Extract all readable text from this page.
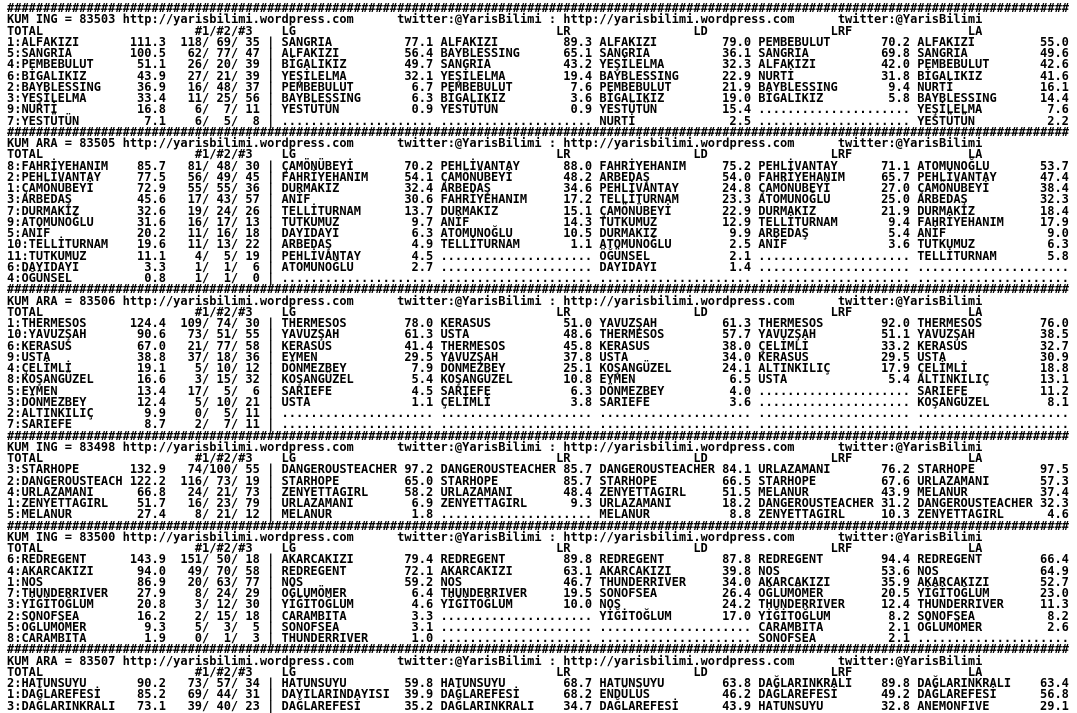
###################################################################################################################################################
KUM ING = 83503 http://yarisbilimi.wordpress.com	twitter:@YarisBilimi : http://yarisbilimi.wordpress.com	twitter:@YarisBilimi
TOTAL	#1/#2/#3 LG	LR	LD	LRF	LA
1:ALFAKIZI	111.3 118/ 69/ 35 | SANGRIA	77.1 ALFAKIZI	89.3 ALFAKIZI	79.0 PEMBEBULUT	70.2 ALFAKIZI	55.0
5:SANGRIA	100.5 62/ 77/ 47 | ALFAKIZI	56.4 BAYBLESSING	65.1 SANGRIA	36.1 SANGRIA	69.8 SANGRIA	49.6
4:PEMBEBULUT	51.1 26/ 20/ 39 | BİGALIKIZ	49.7 SANGRIA	43.2 YEŞİLELMA	32.3 ALFAKIZI	42.0 PEMBEBULUT	42.6
6:BİGALIKIZ	43.9 27/ 21/ 39 | YEŞİLELMA	32.1 YEŞİLELMA	19.4 BAYBLESSING	22.9 NURTİ	31.8 BİGALIKIZ	41.6
2:BAYBLESSING	36.9 16/ 48/ 37 | PEMBEBULUT	6.7 PEMBEBULUT	7.6 PEMBEBULUT	21.9 BAYBLESSING	9.4 NURTİ	16.1
3:YEŞİLELMA	33.4 11/ 25/ 56 | BAYBLESSING	6.3 BİGALIKIZ	3.6 BİGALIKIZ	19.0 BİGALIKIZ	5.8 BAYBLESSING	14.4
9:NURTİ	16.8  6/  7/ 11 | YESTÜTÜN	0.9 YESTÜTÜN	0.9 YESTÜTÜN	15.4 ..................... YEŞİLELMA	7.6
7:YESTÜTÜN	7.1  6/  5/  8 | ..................... ..................... NURTİ	2.5 ..................... YESTÜTÜN	2.2
###################################################################################################################################################
KUM ARA = 83505 http://yarisbilimi.wordpress.com	twitter:@YarisBilimi : http://yarisbilimi.wordpress.com	twitter:@YarisBilimi
TOTAL	#1/#2/#3 LG	LR	LD	LRF	LA
8:FAHRİYEHANIM 85.7 81/ 48/ 30 | ÇAMÖNÜBEYİ	70.2 PEHLİVANTAY	88.0 FAHRİYEHANIM	75.2 PEHLİVANTAY	71.1 ATOMUNOĞLU	53.7
2:PEHLİVANTAY	77.5 56/ 49/ 45 | FAHRİYEHANIM	54.1 ÇAMÖNÜBEYİ	48.2 ARBEDAŞ	54.0 FAHRİYEHANIM	65.7 PEHLİVANTAY	47.4
1:ÇAMÖNÜBEYİ	72.9 55/ 55/ 36 | DURMAKIZ	32.4 ARBEDAŞ	34.6 PEHLİVANTAY	24.8 ÇAMÖNÜBEYİ	27.0 ÇAMÖNÜBEYİ	38.4
3:ARBEDAŞ	45.6 17/ 43/ 57 | ANİF	30.6 FAHRİYEHANIM	17.2 TELLİTURNAM	23.3 ATOMUNOĞLU	25.0 ARBEDAŞ	32.3
7:DURMAKIZ	32.6 19/ 24/ 26 | TELLİTURNAM	13.7 DURMAKIZ	15.1 ÇAMÖNÜBEYİ	22.9 DURMAKIZ	21.9 DURMAKIZ	18.4
9:ATOMUNOĞLU	31.6 16/ 17/ 13 | TUTKUMUZ	9.7 ANİF	14.3 TUTKUMUZ	12.9 TELLİTURNAM	9.4 FAHRİYEHANIM	17.9
5:ANİF	20.2 11/ 16/ 18 | DAYIDAYI	6.3 ATOMUNOĞLU	10.5 DURMAKIZ	9.9 ARBEDAŞ	5.4 ANİF	9.0
10:TELLİTURNAM 19.6 11/ 13/ 22 | ARBEDAŞ	4.9 TELLİTURNAM	1.1 ATOMUNOĞLU	2.5 ANİF	3.6 TUTKUMUZ	6.3
11:TUTKUMUZ	11.1  4/  5/ 19 | PEHLİVANTAY	4.5 ..................... ÖĞÜNSEL	2.1 ..................... TELLİTURNAM	5.8
6:DAYIDAYI	3.3  1/  1/  6 | ATOMUNOĞLU	2.7 ..................... DAYIDAYI	1.4 ..................... .....................
4:ÖĞÜNSEL	0.8  1/  1/  0 | ..................... ..................... ..................... ..................... .....................
###################################################################################################################################################
KUM ARA = 83506 http://yarisbilimi.wordpress.com	twitter:@YarisBilimi : http://yarisbilimi.wordpress.com	twitter:@YarisBilimi
TOTAL	#1/#2/#3 LG	LR	LD	LRF	LA
1:THERMESOS	124.4 109/ 74/ 30 | THERMESOS	78.0 KERASUS	51.0 YAVUZŞAH	61.3 THERMESOS	92.0 THERMESOS	76.0
10:YAVUZŞAH	90.6 73/ 51/ 55 | YAVUZŞAH	61.3 USTA	48.6 THERMESOS	57.7 YAVUZŞAH	51.1 YAVUZŞAH	38.5
6:KERASUS	67.0 21/ 77/ 58 | KERASUS	41.4 THERMESOS	45.8 KERASUS	38.0 ÇELİMLİ	33.2 KERASUS	32.7
9:USTA	38.8 37/ 18/ 36 | EYMEN	29.5 YAVUZŞAH	37.8 USTA	34.0 KERASUS	29.5 USTA	30.9
4:ÇELİMLİ	19.1  5/ 10/ 12 | DÖNMEZBEY	7.9 DÖNMEZBEY	25.1 KOŞANGÜZEL	24.1 ALTINKILIÇ	17.9 ÇELİMLİ	18.8
8:KOŞANGÜZEL	16.6  3/ 15/ 32 | KOŞANGÜZEL	5.4 KOŞANGÜZEL	10.8 EYMEN	6.5 USTA	5.4 ALTINKILIÇ	13.1
5:EYMEN	13.4 17/  5/  6 | SARIEFE	4.5 SARIEFE	6.3 DÖNMEZBEY	4.0 ..................... SARIEFE	11.2
3:DÖNMEZBEY	12.4  5/ 10/ 21 | USTA	1.1 ÇELİMLİ	3.8 SARIEFE	3.6 ..................... KOŞANGÜZEL	8.1
2:ALTINKILIÇ	9.9  0/  5/ 11 | ..................... ..................... ..................... ..................... .....................
7:SARIEFE	8.7  2/  7/ 11 | ..................... ..................... ..................... ..................... .....................
###################################################################################################################################################
KUM ING = 83498 http://yarisbilimi.wordpress.com	twitter:@YarisBilimi : http://yarisbilimi.wordpress.com	twitter:@YarisBilimi
TOTAL	#1/#2/#3 LG	LR	LD	LRF	LA
3:STARHOPE	132.9 74/100/ 55 | DANGEROUSTEACHER 97.2 DANGEROUSTEACHER 85.7 DANGEROUSTEACHER 84.1 URLAZAMANI	76.2 STARHOPE	97.5
2:DANGEROUSTEACH 122.2 116/ 73/ 19 | STARHOPE	65.0 STARHOPE	85.7 STARHOPE	66.5 STARHOPE	67.6 URLAZAMANI	57.3
4:URLAZAMANI	66.8 24/ 21/ 73 | ZENYETTAGIRL	58.2 URLAZAMANI	48.4 ZENYETTAGIRL	51.5 MELANUR	43.9 MELANUR	37.4
1:ZENYETTAGIRL 51.7 16/ 23/ 79 | URLAZAMANI	6.9 ZENYETTAGIRL	9.3 URLAZAMANI	18.2 DANGEROUSTEACHER 31.2 DANGEROUSTEACHER 32.3
5:MELANUR	27.4  8/ 21/ 12 | MELANUR	1.8 ..................... MELANUR	8.8 ZENYETTAGIRL	10.3 ZENYETTAGIRL	4.6
###################################################################################################################################################
KUM ING = 83500 http://yarisbilimi.wordpress.com	twitter:@YarisBilimi : http://yarisbilimi.wordpress.com	twitter:@YarisBilimi
TOTAL	#1/#2/#3 LG	LR	LD	LRF	LA
6:REDREGENT	143.9 151/ 50/ 18 | AKARCAKIZI	79.4 REDREGENT	89.8 REDREGENT	87.8 REDREGENT	94.4 REDREGENT	66.4
4:AKARCAKIZI	94.0 49/ 70/ 58 | REDREGENT	72.1 AKARCAKIZI	63.1 AKARCAKIZI	39.8 NOS	53.6 NOS	64.9
1:NOS	86.9 20/ 63/ 77 | NOS	59.2 NOS	46.7 THUNDERRIVER	34.0 AKARCAKIZI	35.9 AKARCAKIZI	52.7
7:THUNDERRIVER 27.9  8/ 24/ 29 | OĞLUMÖMER	6.4 THUNDERRIVER	19.5 SONOFSEA	26.4 OĞLUMÖMER	20.5 YİĞİTOĞLUM	23.0
3:YİĞİTOĞLUM	20.8  3/ 12/ 30 | YİĞİTOĞLUM	4.6 YİĞİTOĞLUM	10.0 NOS	24.2 THUNDERRIVER	12.4 THUNDERRIVER	11.3
2:SONOFSEA	16.2  2/ 15/ 18 | CARAMBITA	3.3 ..................... YİĞİTOĞLUM	17.0 YİĞİTOĞLUM	8.2 SONOFSEA	8.2
5:OĞLUMÖMER	9.3  5/  3/  5 | SONOFSEA	3.1 ..................... ..................... CARAMBITA	2.1 OĞLUMÖMER	2.6
8:CARAMBITA	1.9  0/  1/  3 | THUNDERRIVER	1.0 ..................... ..................... SONOFSEA	2.1 .....................
###################################################################################################################################################
KUM ARA = 83507 http://yarisbilimi.wordpress.com	twitter:@YarisBilimi : http://yarisbilimi.wordpress.com	twitter:@YarisBilimi
TOTAL	#1/#2/#3 LG	LR	LD	LRF	LA
2:HATUNSUYU	90.2 73/ 57/ 34 | HATUNSUYU	59.8 HATUNSUYU	68.7 HATUNSUYU	63.8 DAĞLARINKRALI 89.8 DAĞLARINKRALI 63.4
1:DAĞLAREFESİ	85.2 69/ 44/ 31 | DAYILARINDAYISI 39.9 DAĞLAREFESİ	68.2 ENDÜLÜS	46.2 DAĞLAREFESİ	49.2 DAĞLAREFESİ	56.8
3:DAĞLARINKRALI 73.1 39/ 40/ 23 | DAĞLAREFESİ	35.2 DAĞLARINKRALI 34.7 DAĞLAREFESİ	43.9 HATUNSUYU	32.8 ANEMONFIVE	29.1
